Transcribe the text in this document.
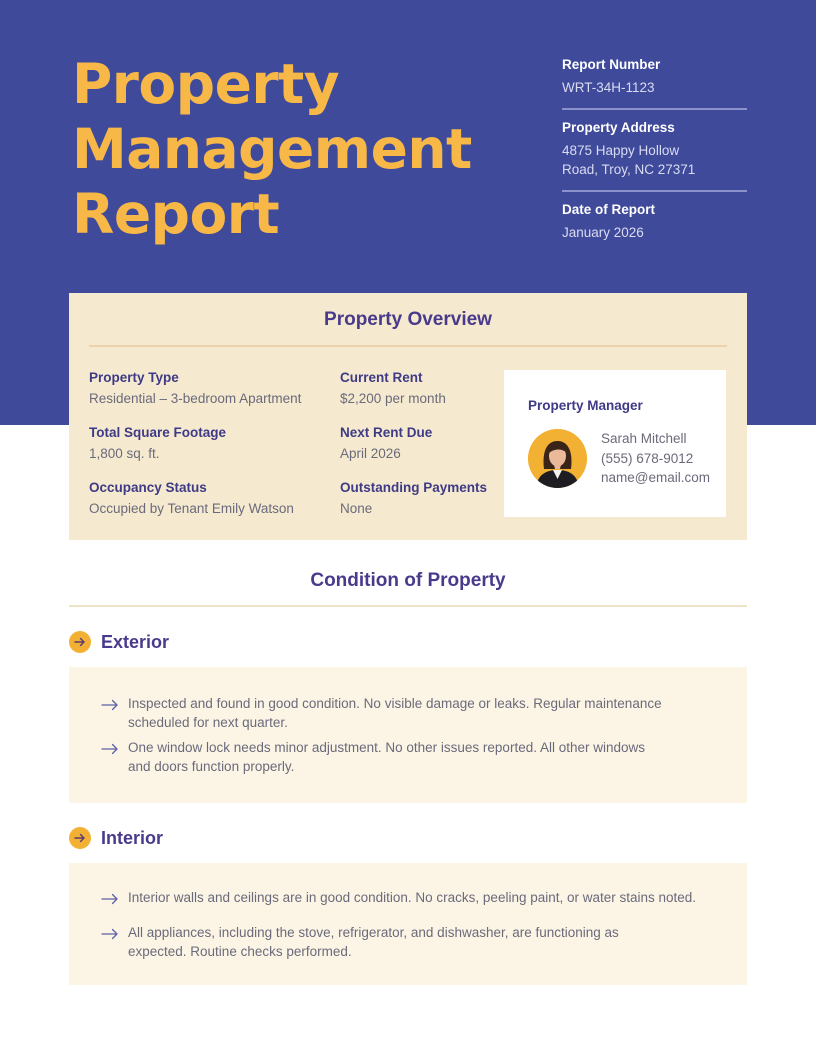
Property
Management
Report
Report Number
WRT-34H-1123
Property Address
4875 Happy Hollow
Road, Troy, NC 27371
Date of Report
January 2026
Property Overview
Property Type
Residential – 3-bedroom Apartment
Total Square Footage
1,800 sq. ft.
Occupancy Status
Occupied by Tenant Emily Watson
Current Rent
$2,200 per month
Next Rent Due
April 2026
Outstanding Payments
None
Property Manager
Sarah Mitchell
(555) 678-9012
name@email.com
Condition of Property
Exterior
Inspected and found in good condition. No visible damage or leaks. Regular maintenance scheduled for next quarter.
One window lock needs minor adjustment. No other issues reported. All other windows and doors function properly.
Interior
Interior walls and ceilings are in good condition. No cracks, peeling paint, or water stains noted.
All appliances, including the stove, refrigerator, and dishwasher, are functioning as expected. Routine checks performed.
